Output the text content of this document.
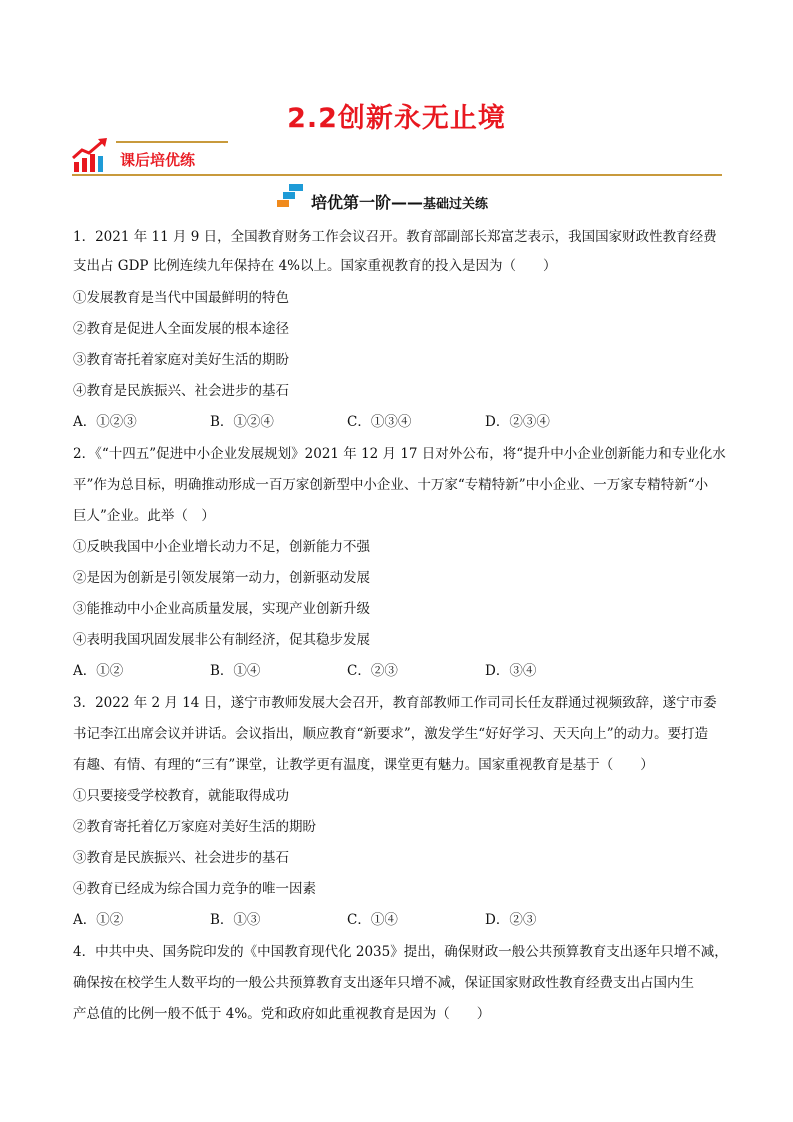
2.2创新永无止境
课后培优练
培优第一阶——基础过关练
1．2021 年 11 月 9 日，全国教育财务工作会议召开。教育部副部长郑富芝表示，我国国家财政性教育经费
支出占 GDP 比例连续九年保持在 4%以上。国家重视教育的投入是因为（　　）
①发展教育是当代中国最鲜明的特色
②教育是促进人全面发展的根本途径
③教育寄托着家庭对美好生活的期盼
④教育是民族振兴、社会进步的基石
A．①②③	B．①②④	C．①③④	D．②③④
2．《“十四五”促进中小企业发展规划》2021 年 12 月 17 日对外公布，将“提升中小企业创新能力和专业化水
平”作为总目标，明确推动形成一百万家创新型中小企业、十万家“专精特新”中小企业、一万家专精特新“小
巨人”企业。此举（　）
①反映我国中小企业增长动力不足，创新能力不强
②是因为创新是引领发展第一动力，创新驱动发展
③能推动中小企业高质量发展，实现产业创新升级
④表明我国巩固发展非公有制经济，促其稳步发展
A．①②	B．①④	C．②③	D．③④
3．2022 年 2 月 14 日，遂宁市教师发展大会召开，教育部教师工作司司长任友群通过视频致辞，遂宁市委
书记李江出席会议并讲话。会议指出，顺应教育“新要求”，激发学生“好好学习、天天向上”的动力。要打造
有趣、有情、有理的“三有”课堂，让教学更有温度，课堂更有魅力。国家重视教育是基于（　　）
①只要接受学校教育，就能取得成功
②教育寄托着亿万家庭对美好生活的期盼
③教育是民族振兴、社会进步的基石
④教育已经成为综合国力竞争的唯一因素
A．①②	B．①③	C．①④	D．②③
4．中共中央、国务院印发的《中国教育现代化 2035》提出，确保财政一般公共预算教育支出逐年只增不减，
确保按在校学生人数平均的一般公共预算教育支出逐年只增不减，保证国家财政性教育经费支出占国内生
产总值的比例一般不低于 4%。党和政府如此重视教育是因为（　　）
